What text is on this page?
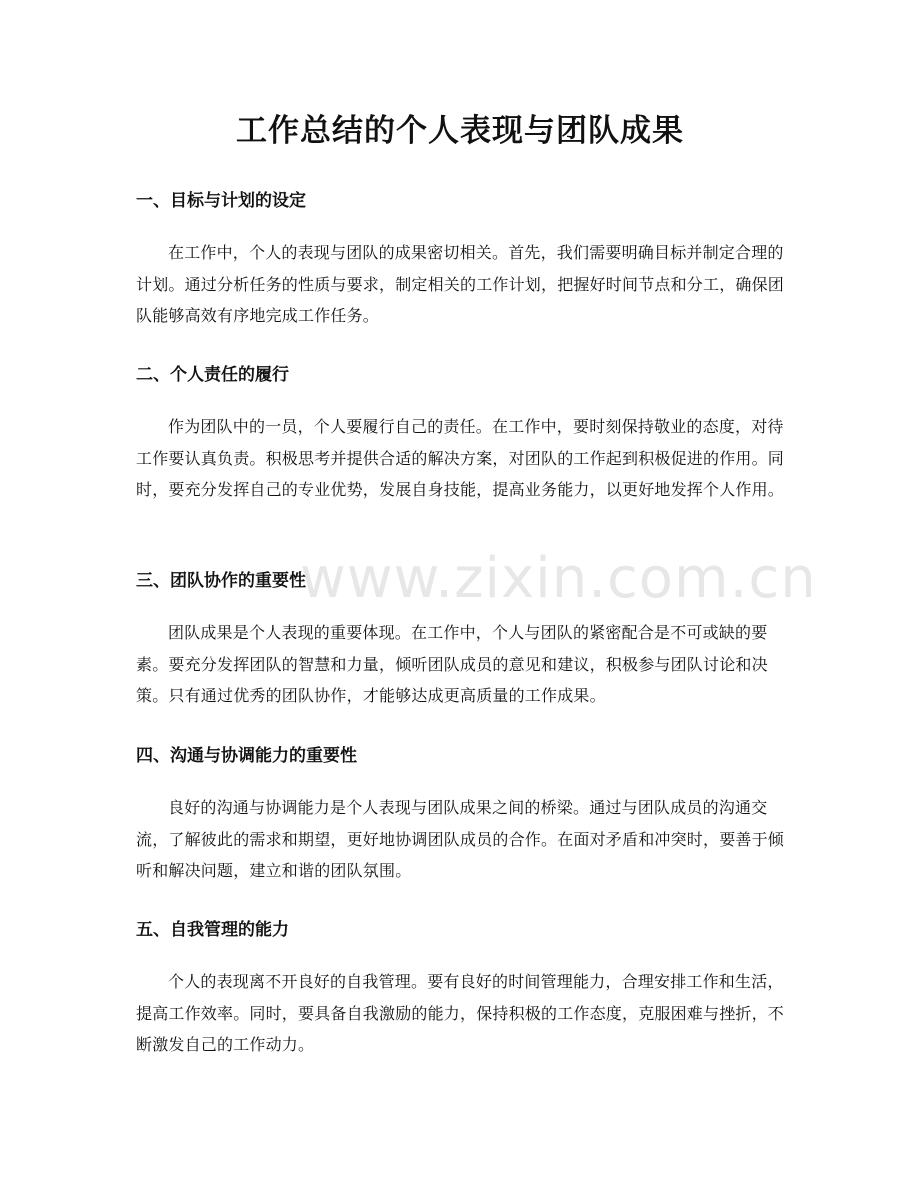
工作总结的个人表现与团队成果
一、目标与计划的设定

在工作中，个人的表现与团队的成果密切相关。首先，我们需要明确目标并制定合理的计划。通过分析任务的性质与要求，制定相关的工作计划，把握好时间节点和分工，确保团队能够高效有序地完成工作任务。

二、个人责任的履行

作为团队中的一员，个人要履行自己的责任。在工作中，要时刻保持敬业的态度，对待工作要认真负责。积极思考并提供合适的解决方案，对团队的工作起到积极促进的作用。同时，要充分发挥自己的专业优势，发展自身技能，提高业务能力，以更好地发挥个人作用。

三、团队协作的重要性

团队成果是个人表现的重要体现。在工作中，个人与团队的紧密配合是不可或缺的要素。要充分发挥团队的智慧和力量，倾听团队成员的意见和建议，积极参与团队讨论和决策。只有通过优秀的团队协作，才能够达成更高质量的工作成果。

四、沟通与协调能力的重要性

良好的沟通与协调能力是个人表现与团队成果之间的桥梁。通过与团队成员的沟通交流，了解彼此的需求和期望，更好地协调团队成员的合作。在面对矛盾和冲突时，要善于倾听和解决问题，建立和谐的团队氛围。

五、自我管理的能力

个人的表现离不开良好的自我管理。要有良好的时间管理能力，合理安排工作和生活，提高工作效率。同时，要具备自我激励的能力，保持积极的工作态度，克服困难与挫折，不断激发自己的工作动力。

www.zixin.com.cn
